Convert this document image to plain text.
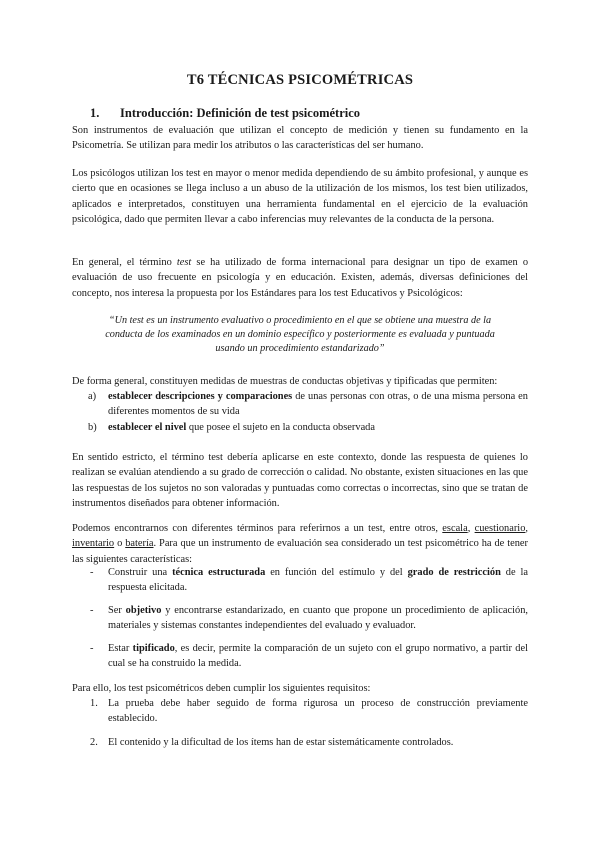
T6 TÉCNICAS PSICOMÉTRICAS
1. Introducción: Definición de test psicométrico

Son instrumentos de evaluación que utilizan el concepto de medición y tienen su fundamento en la Psicometría. Se utilizan para medir los atributos o las características del ser humano.

Los psicólogos utilizan los test en mayor o menor medida dependiendo de su ámbito profesional, y aunque es cierto que en ocasiones se llega incluso a un abuso de la utilización de los mismos, los test bien utilizados, aplicados e interpretados, constituyen una herramienta fundamental en el ejercicio de la evaluación psicológica, dado que permiten llevar a cabo inferencias muy relevantes de la conducta de la persona.

En general, el término test se ha utilizado de forma internacional para designar un tipo de examen o evaluación de uso frecuente en psicología y en educación. Existen, además, diversas definiciones del concepto, nos interesa la propuesta por los Estándares para los test Educativos y Psicológicos:

“Un test es un instrumento evaluativo o procedimiento en el que se obtiene una muestra de la conducta de los examinados en un dominio específico y posteriormente es evaluada y puntuada usando un procedimiento estandarizado”

De forma general, constituyen medidas de muestras de conductas objetivas y tipificadas que permiten:

a) establecer descripciones y comparaciones de unas personas con otras, o de una misma persona en diferentes momentos de su vida

b) establecer el nivel que posee el sujeto en la conducta observada

En sentido estricto, el término test debería aplicarse en este contexto, donde las respuesta de quienes lo realizan se evalúan atendiendo a su grado de corrección o calidad. No obstante, existen situaciones en las que las respuestas de los sujetos no son valoradas y puntuadas como correctas o incorrectas, sino que se tratan de instrumentos diseñados para obtener información.

Podemos encontrarnos con diferentes términos para referirnos a un test, entre otros, escala, cuestionario, inventario o batería. Para que un instrumento de evaluación sea considerado un test psicométrico ha de tener las siguientes características:

- Construir una técnica estructurada en función del estímulo y del grado de restricción de la respuesta elicitada.

- Ser objetivo y encontrarse estandarizado, en cuanto que propone un procedimiento de aplicación, materiales y sistemas constantes independientes del evaluado y evaluador.

- Estar tipificado, es decir, permite la comparación de un sujeto con el grupo normativo, a partir del cual se ha construido la medida.

Para ello, los test psicométricos deben cumplir los siguientes requisitos:

1. La prueba debe haber seguido de forma rigurosa un proceso de construcción previamente establecido.

2. El contenido y la dificultad de los ítems han de estar sistemáticamente controlados.
